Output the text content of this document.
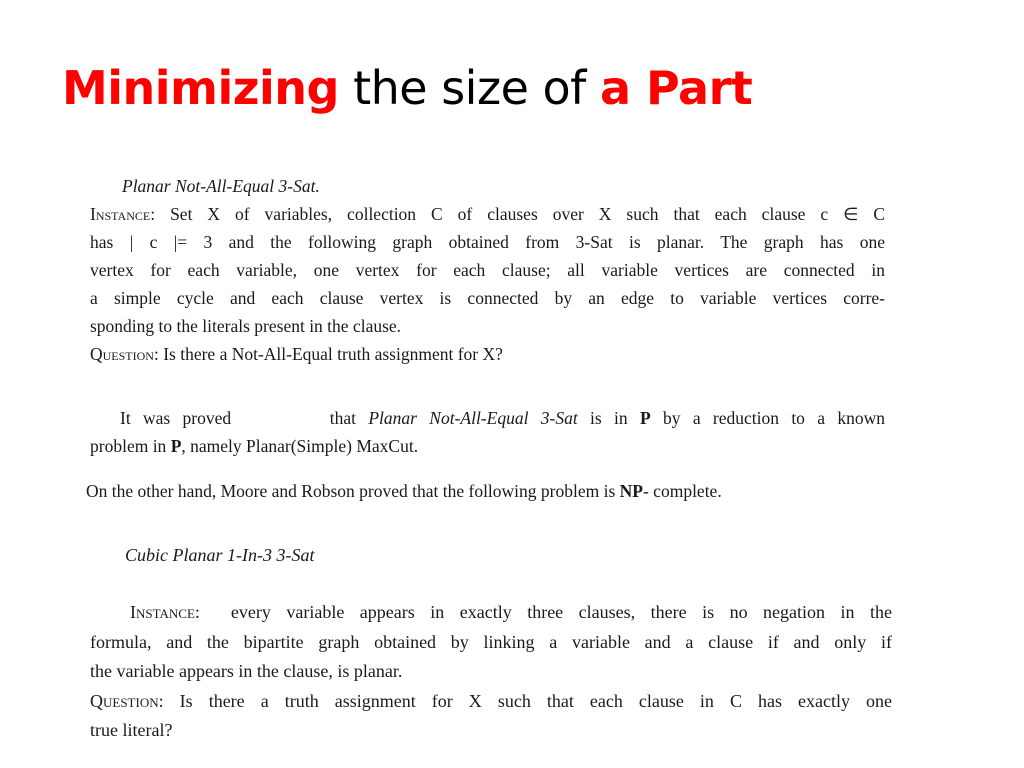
Minimizing the size of a Part
Planar Not-All-Equal 3-Sat.
Instance: Set X of variables, collection C of clauses over X such that each clause c ∈ C
has | c |= 3 and the following graph obtained from 3-Sat is planar. The graph has one
vertex for each variable, one vertex for each clause; all variable vertices are connected in
a simple cycle and each clause vertex is connected by an edge to variable vertices corre-
sponding to the literals present in the clause.
Question: Is there a Not-All-Equal truth assignment for X?
It was proved	that Planar Not-All-Equal 3-Sat is in P by a reduction to a known
problem in P, namely Planar(Simple) MaxCut.
On the other hand, Moore and Robson proved that the following problem is NP- complete.
Cubic Planar 1-In-3 3-Sat
Instance: every variable appears in exactly three clauses, there is no negation in the
formula, and the bipartite graph obtained by linking a variable and a clause if and only if
the variable appears in the clause, is planar.
Question: Is there a truth assignment for X such that each clause in C has exactly one
true literal?
